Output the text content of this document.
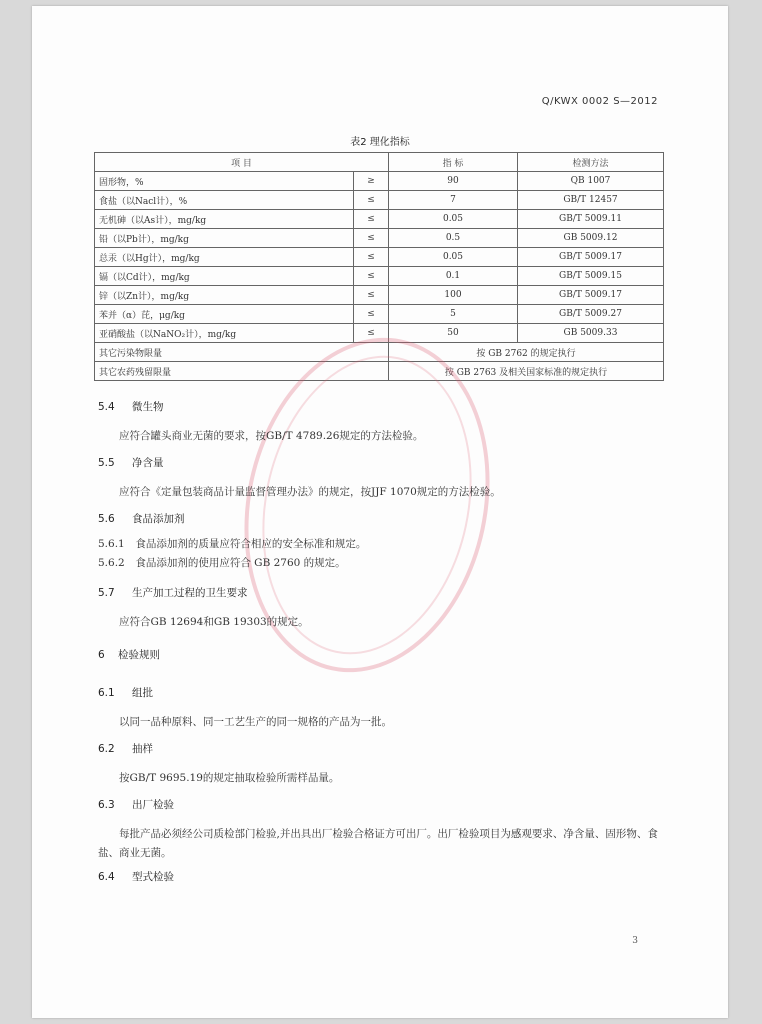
Q/KWX 0002 S—2012
表2 理化指标
项 目		指 标	检测方法
固形物，%	≥	90	QB 1007
食盐（以Nacl计），%	≤	7	GB/T 12457
无机砷（以As计），mg/kg	≤	0.05	GB/T 5009.11
铅（以Pb计），mg/kg	≤	0.5	GB 5009.12
总汞（以Hg计），mg/kg	≤	0.05	GB/T 5009.17
镉（以Cd计），mg/kg	≤	0.1	GB/T 5009.15
锌（以Zn计），mg/kg	≤	100	GB/T 5009.17
苯并（α）芘，μg/kg	≤	5	GB/T 5009.27
亚硝酸盐（以NaNO₂计），mg/kg	≤	50	GB 5009.33
其它污染物限量		按 GB 2762 的规定执行	
其它农药残留限量		按 GB 2763 及相关国家标准的规定执行	
5.4 微生物
应符合罐头商业无菌的要求，按GB/T 4789.26规定的方法检验。
5.5 净含量
应符合《定量包装商品计量监督管理办法》的规定，按JJF 1070规定的方法检验。
5.6 食品添加剂
5.6.1 食品添加剂的质量应符合相应的安全标准和规定。
5.6.2 食品添加剂的使用应符合 GB 2760 的规定。
5.7 生产加工过程的卫生要求
应符合GB 12694和GB 19303的规定。
6 检验规则
6.1 组批
以同一品种原料、同一工艺生产的同一规格的产品为一批。
6.2 抽样
按GB/T 9695.19的规定抽取检验所需样品量。
6.3 出厂检验
每批产品必须经公司质检部门检验,并出具出厂检验合格证方可出厂。出厂检验项目为感观要求、净含量、固形物、食盐、商业无菌。
6.4 型式检验
3
